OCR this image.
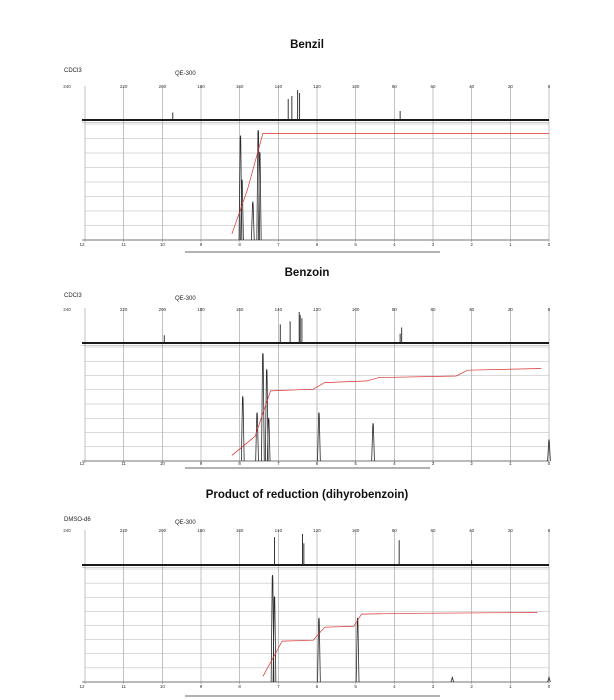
Benzil
CDCl3	QE-300
240	220	200	180	160	140	120	100	80	60	40	20	0
12	11	10	9	8	7	6	5	4	3	2	1	0
Benzoin
CDCl3	QE-300
240	220	200	180	160	140	120	100	80	60	40	20	0
12	11	10	9	8	7	6	5	4	3	2	1	0
Product of reduction (dihyrobenzoin)
DMSO-d6	QE-300
240	220	200	180	160	140	120	100	80	60	40	20	0
12	11	10	9	8	7	6	5	4	3	2	1	0
